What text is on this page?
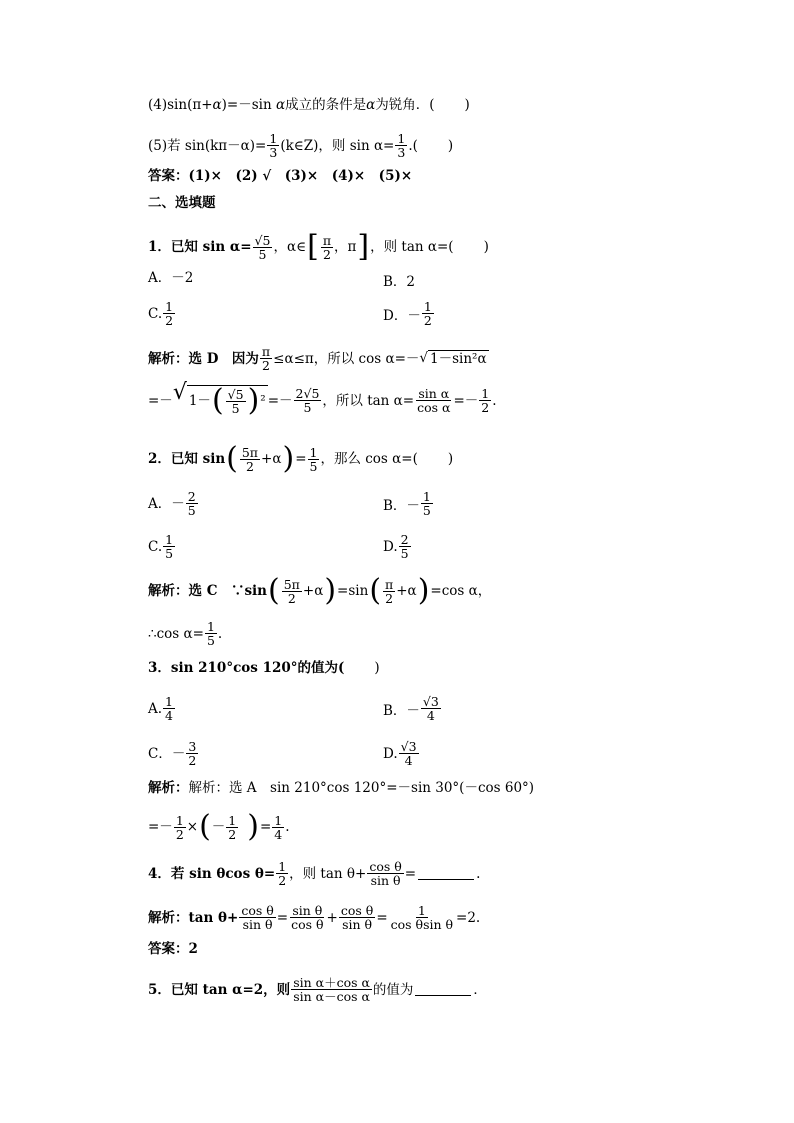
(4)sin(π+ α )=－sin α 成立的条件是 α 为锐角．( )
(5)若 $\sin(k\pi-\alpha)= \frac{1}{3}$ (k∈Z)，则 $\sin \alpha= \frac{1}{3}$ .( )
答案：(1)×　(2) √　(3)×　(4)×　(5)×
二、选填题
1．已知 $\sin \alpha= \frac{√5}{5}$ ，α∈ [ $\frac{\pi}{2}$ ，π ] ，则 tan α=( )
A．－2	B．2
C. $\frac{1}{2}$	D．－ $\frac{1}{2}$
解析：选 D　因为 $\frac{\pi}{2} \le\alpha\le\pi$，所以 cos α=－ √ 1－sin²α
=－ √ 1－ ( $\frac{√5}{5}$ ) $^2 =- \frac{2√5}{5}$ ，所以 $\tan \alpha= \frac{\text{sin α}}{\text{cos α}} =- \frac{1}{2}$ .
2．已知 sin ( $\frac{5\pi}{2} +\alpha$ ) = $\frac{1}{5}$ ，那么 cos α=( )
A．－ $\frac{2}{5}$	B．－ $\frac{1}{5}$
C. $\frac{1}{5}$	D. $\frac{2}{5}$
解析：选 C　∵sin ( $\frac{5\pi}{2} +\alpha$ ) =sin ( $\frac{\pi}{2} +\alpha$ ) =cos α，
∴cos $\alpha= \frac{1}{5}$ .
3．sin 210°cos 120°的值为( )
A. $\frac{1}{4}$	B．－ $\frac{√3}{4}$
C．－ $\frac{3}{2}$	D. $\frac{√3}{4}$
解析： 解析：选 A　sin 210°cos 120°=－sin 30°(－cos 60°)
=－ $\frac{1}{2}$ × ( － $\frac{1}{2}$ ) = $\frac{1}{4}$ .
4．若 sin θcos $\theta= \frac{1}{2}$ ，则 $\tan \theta+ \frac{\text{cos θ}}{\text{sin θ}}$ =	.
解析：$\tan \theta+ \frac{\text{cos θ}}{\text{sin θ}} = \frac{\text{sin θ}}{\text{cos θ}} + \frac{\text{cos θ}}{\text{sin θ}} = \frac{1}{\text{cos θsin θ}} =2$.
答案：2
5．已知 tan α=2，则 $\frac{\text{sin α＋cos α}}{\text{sin α－cos α}}$ 的值为	．
